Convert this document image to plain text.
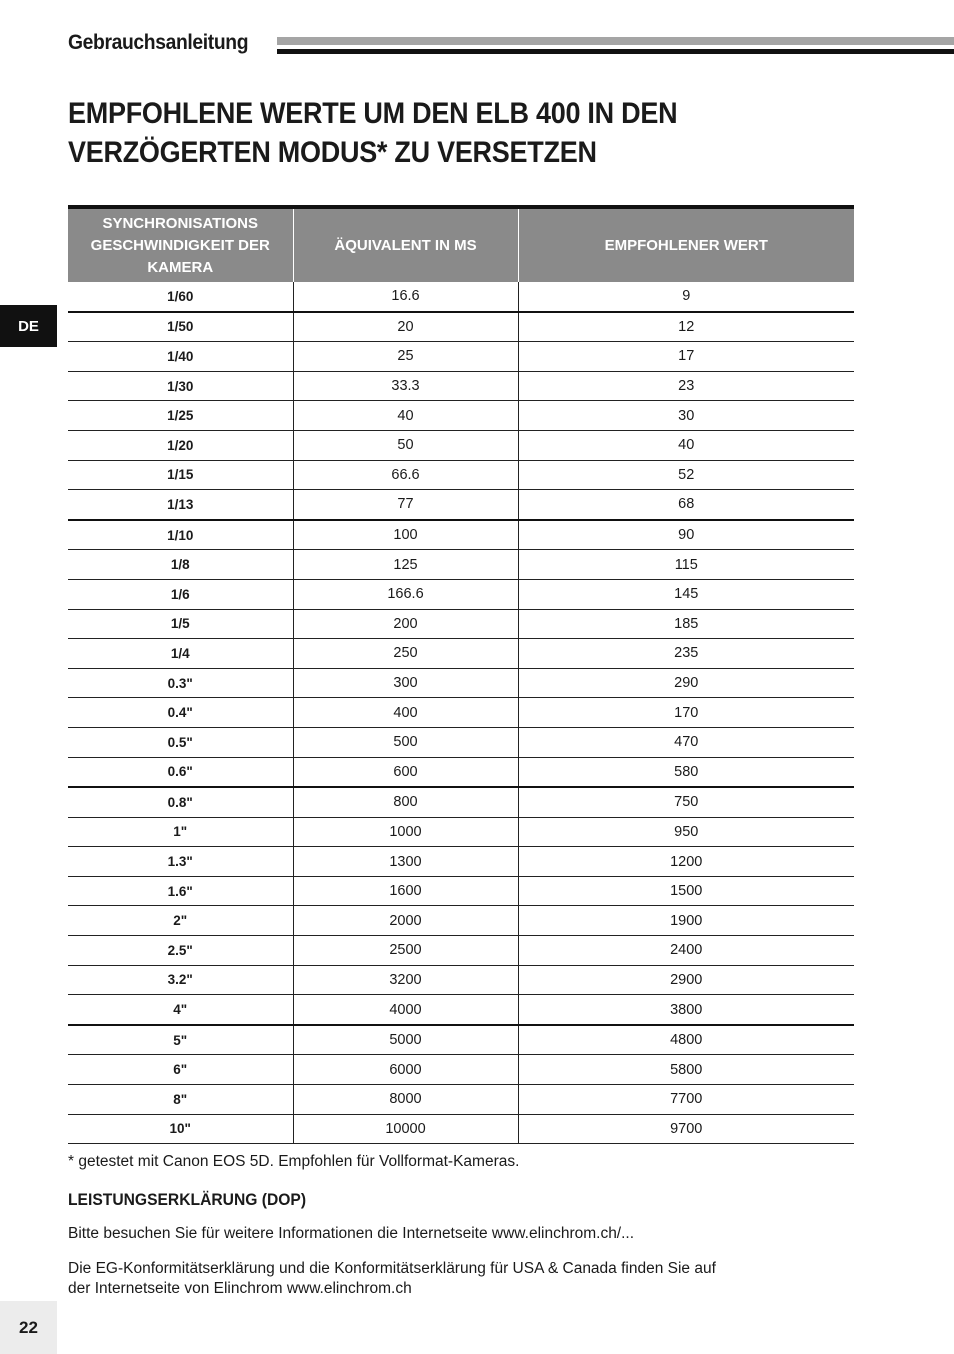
Gebrauchsanleitung
EMPFOHLENE WERTE UM DEN ELB 400 IN DEN
VERZÖGERTEN MODUS* ZU VERSETZEN
DE
SYNCHRONISATIONS GESCHWINDIGKEIT DER KAMERA	ÄQUIVALENT IN MS	EMPFOHLENER WERT
1/60	16.6	9
1/50	20	12
1/40	25	17
1/30	33.3	23
1/25	40	30
1/20	50	40
1/15	66.6	52
1/13	77	68
1/10	100	90
1/8	125	115
1/6	166.6	145
1/5	200	185
1/4	250	235
0.3"	300	290
0.4"	400	170
0.5"	500	470
0.6"	600	580
0.8"	800	750
1"	1000	950
1.3"	1300	1200
1.6"	1600	1500
2"	2000	1900
2.5"	2500	2400
3.2"	3200	2900
4"	4000	3800
5"	5000	4800
6"	6000	5800
8"	8000	7700
10"	10000	9700
* getestet mit Canon EOS 5D. Empfohlen für Vollformat-Kameras.
LEISTUNGSERKLÄRUNG (DOP)
Bitte besuchen Sie für weitere Informationen die Internetseite www.elinchrom.ch/...
Die EG-Konformitätserklärung und die Konformitätserklärung für USA & Canada finden Sie auf
der Internetseite von Elinchrom www.elinchrom.ch
22
